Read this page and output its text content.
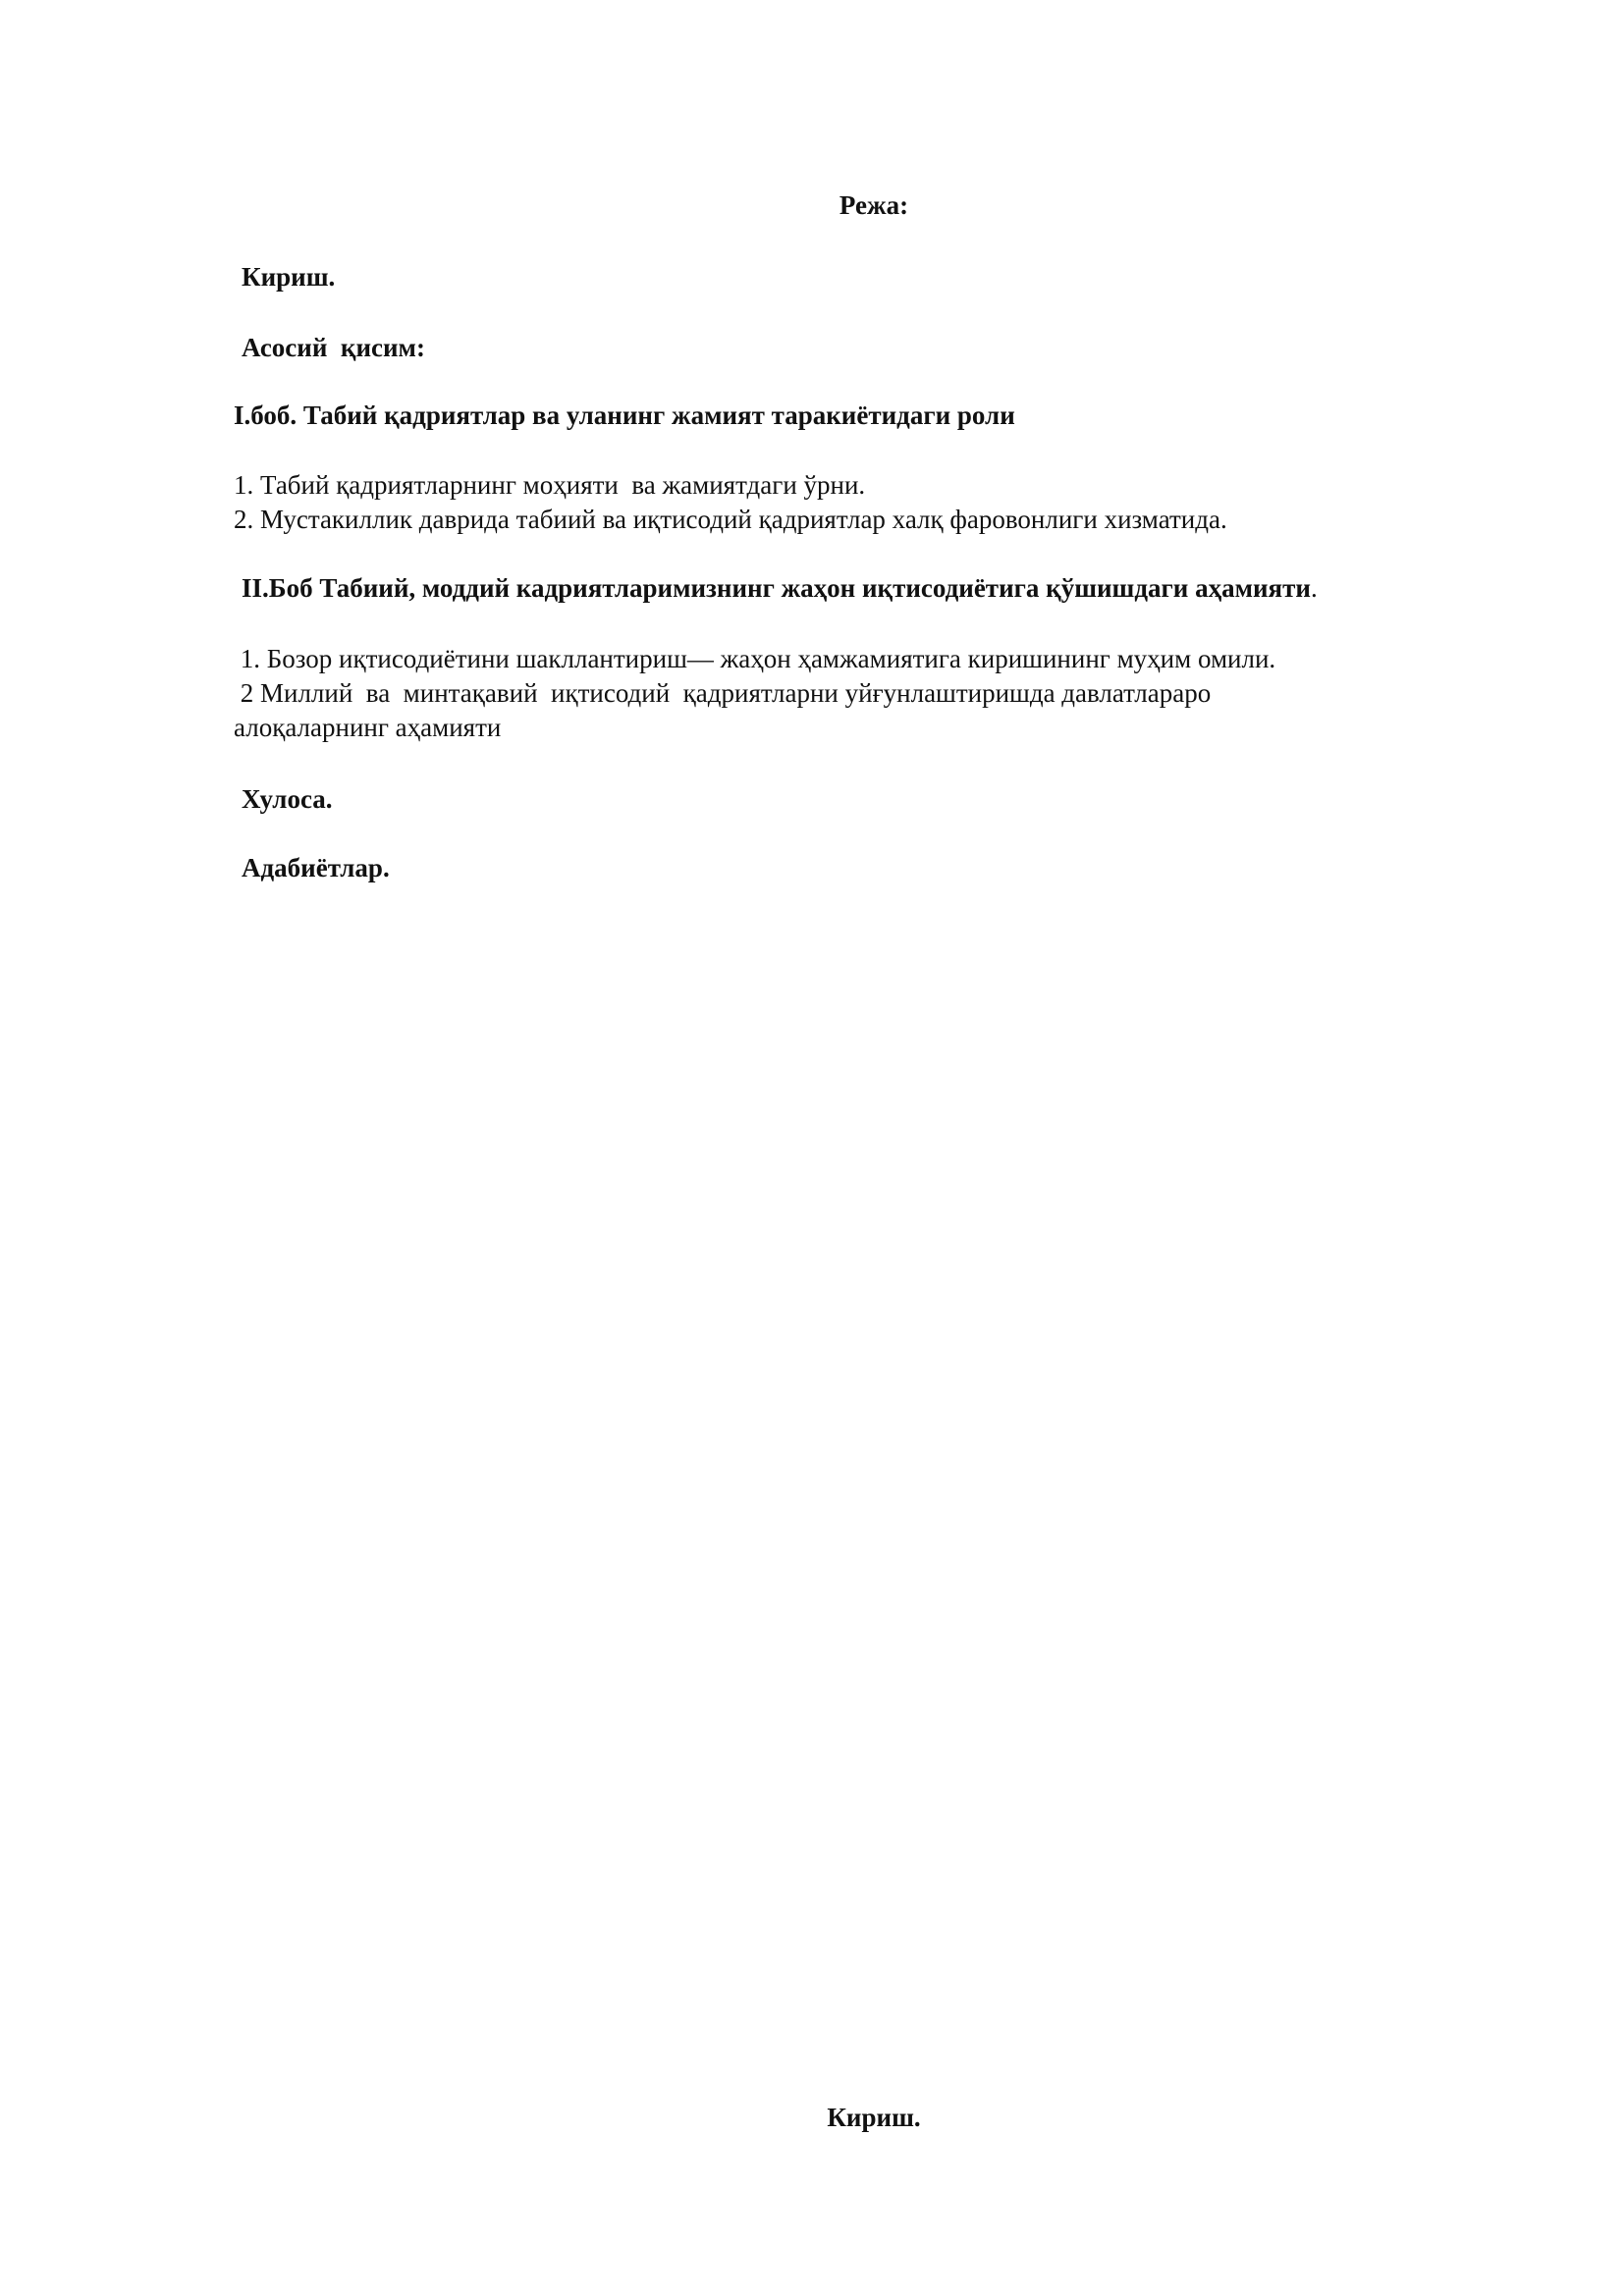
Режа:
Кириш.
Асосий  қисим:
I.боб. Табий қадриятлар ва уланинг жамият таракиётидаги роли
1. Табий қадриятларнинг моҳияти  ва жамиятдаги ўрни.
2. Мустакиллик даврида табиий ва иқтисодий қадриятлар халқ фаровонлиги хизматида.
II.Боб Табиий, моддий кадриятларимизнинг жаҳон иқтисодиётига қўшишдаги аҳамияти.
1. Бозор иқтисодиётини шакллантириш— жаҳон ҳамжамиятига киришининг муҳим омили.
2 Миллий  ва  минтақавий  иқтисодий  қадриятларни уйғунлаштиришда давлатлараро
алоқаларнинг аҳамияти
Хулоса.
Адабиётлар.
Кириш.
